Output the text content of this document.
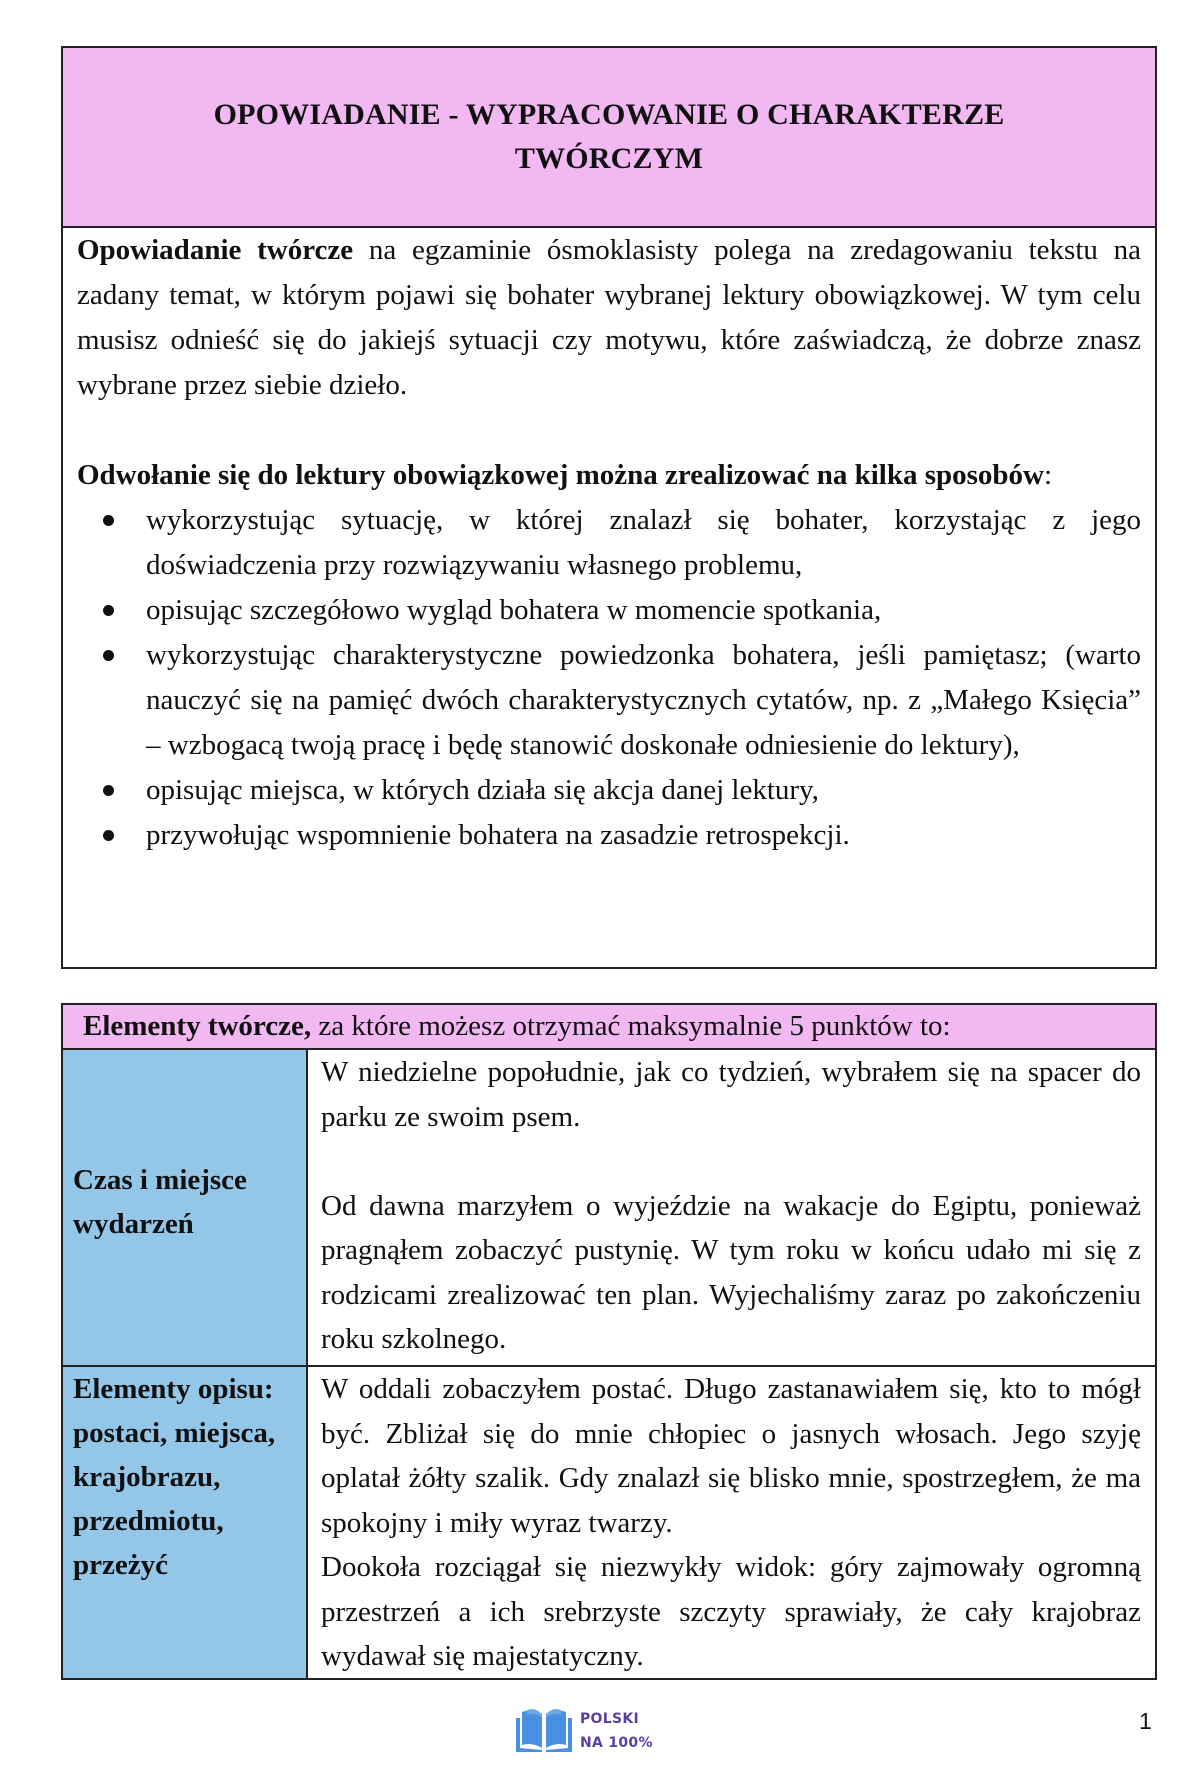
OPOWIADANIE - WYPRACOWANIE O CHARAKTERZE TWÓRCZYM

Opowiadanie twórcze na egzaminie ósmoklasisty polega na zredagowaniu tekstu na zadany temat, w którym pojawi się bohater wybranej lektury obowiązkowej. W tym celu musisz odnieść się do jakiejś sytuacji czy motywu, które zaświadczą, że dobrze znasz wybrane przez siebie dzieło.

Odwołanie się do lektury obowiązkowej można zrealizować na kilka sposobów:

wykorzystując sytuację, w której znalazł się bohater, korzystając z jego doświadczenia przy rozwiązywaniu własnego problemu,
opisując szczegółowo wygląd bohatera w momencie spotkania,
wykorzystując charakterystyczne powiedzonka bohatera, jeśli pamiętasz; (warto nauczyć się na pamięć dwóch charakterystycznych cytatów, np. z „Małego Księcia” – wzbogacą twoją pracę i będę stanowić doskonałe odniesienie do lektury),
opisując miejsca, w których działa się akcja danej lektury,
przywołując wspomnienie bohatera na zasadzie retrospekcji.
Elementy twórcze, za które możesz otrzymać maksymalnie 5 punktów to:
Czas i miejsce wydarzeń

W niedzielne popołudnie, jak co tydzień, wybrałem się na spacer do parku ze swoim psem.

Od dawna marzyłem o wyjeździe na wakacje do Egiptu, ponieważ pragnąłem zobaczyć pustynię. W tym roku w końcu udało mi się z rodzicami zrealizować ten plan. Wyjechaliśmy zaraz po zakończeniu roku szkolnego.

Elementy opisu: postaci, miejsca, krajobrazu, przedmiotu, przeżyć

W oddali zobaczyłem postać. Długo zastanawiałem się, kto to mógł być. Zbliżał się do mnie chłopiec o jasnych włosach. Jego szyję oplatał żółty szalik. Gdy znalazł się blisko mnie, spostrzegłem, że ma spokojny i miły wyraz twarzy.

Dookoła rozciągał się niezwykły widok: góry zajmowały ogromną przestrzeń a ich srebrzyste szczyty sprawiały, że cały krajobraz wydawał się majestatyczny.

POLSKI
NA 100%
1
